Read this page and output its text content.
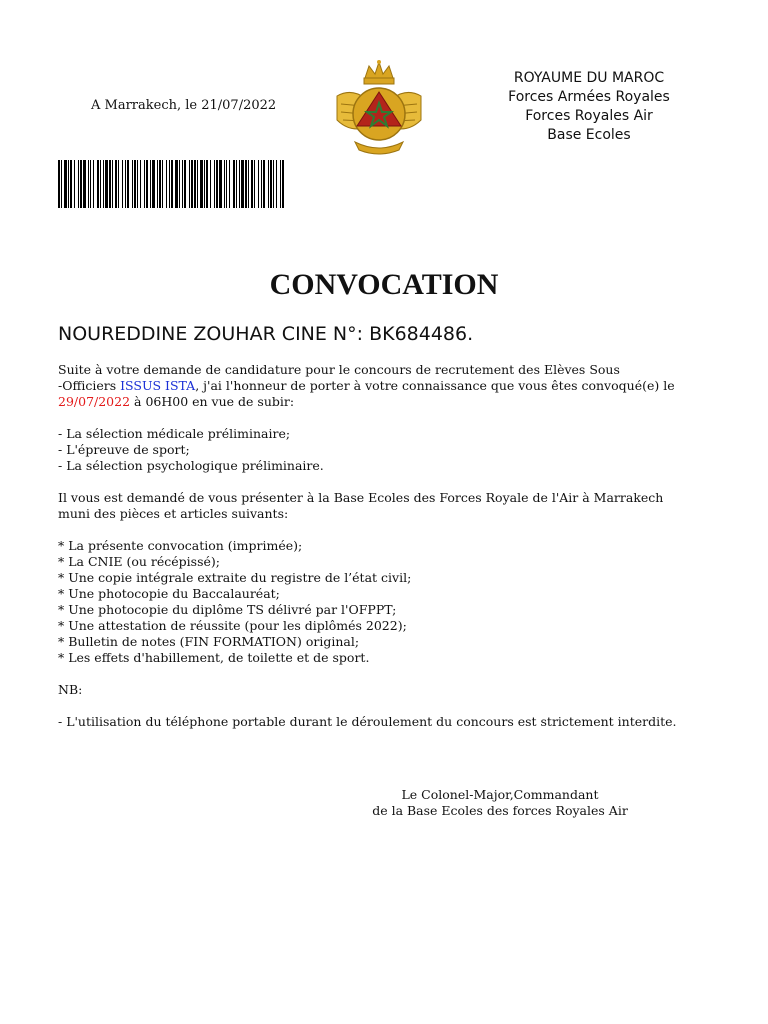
A Marrakech, le 21/07/2022
ROYAUME DU MAROC
Forces Armées Royales
Forces Royales Air
Base Ecoles
CONVOCATION
NOUREDDINE ZOUHAR CINE N°: BK684486.

Suite à votre demande de candidature pour le concours de recrutement des Elèves Sous
-Officiers ISSUS ISTA, j'ai l'honneur de porter à votre connaissance que vous êtes convoqué(e) le
29/07/2022 à 06H00 en vue de subir:

- La sélection médicale préliminaire;
- L'épreuve de sport;
- La sélection psychologique préliminaire.
Il vous est demandé de vous présenter à la Base Ecoles des Forces Royale de l'Air à Marrakech
muni des pièces et articles suivants:
* La présente convocation (imprimée);
* La CNIE (ou récépissé);
* Une copie intégrale extraite du registre de l’état civil;
* Une photocopie du Baccalauréat;
* Une photocopie du diplôme TS délivré par l'OFPPT;
* Une attestation de réussite (pour les diplômés 2022);
* Bulletin de notes (FIN FORMATION) original;
* Les effets d'habillement, de toilette et de sport.
NB:
- L'utilisation du téléphone portable durant le déroulement du concours est strictement interdite.
Le Colonel-Major,Commandant
de la Base Ecoles des forces Royales Air
